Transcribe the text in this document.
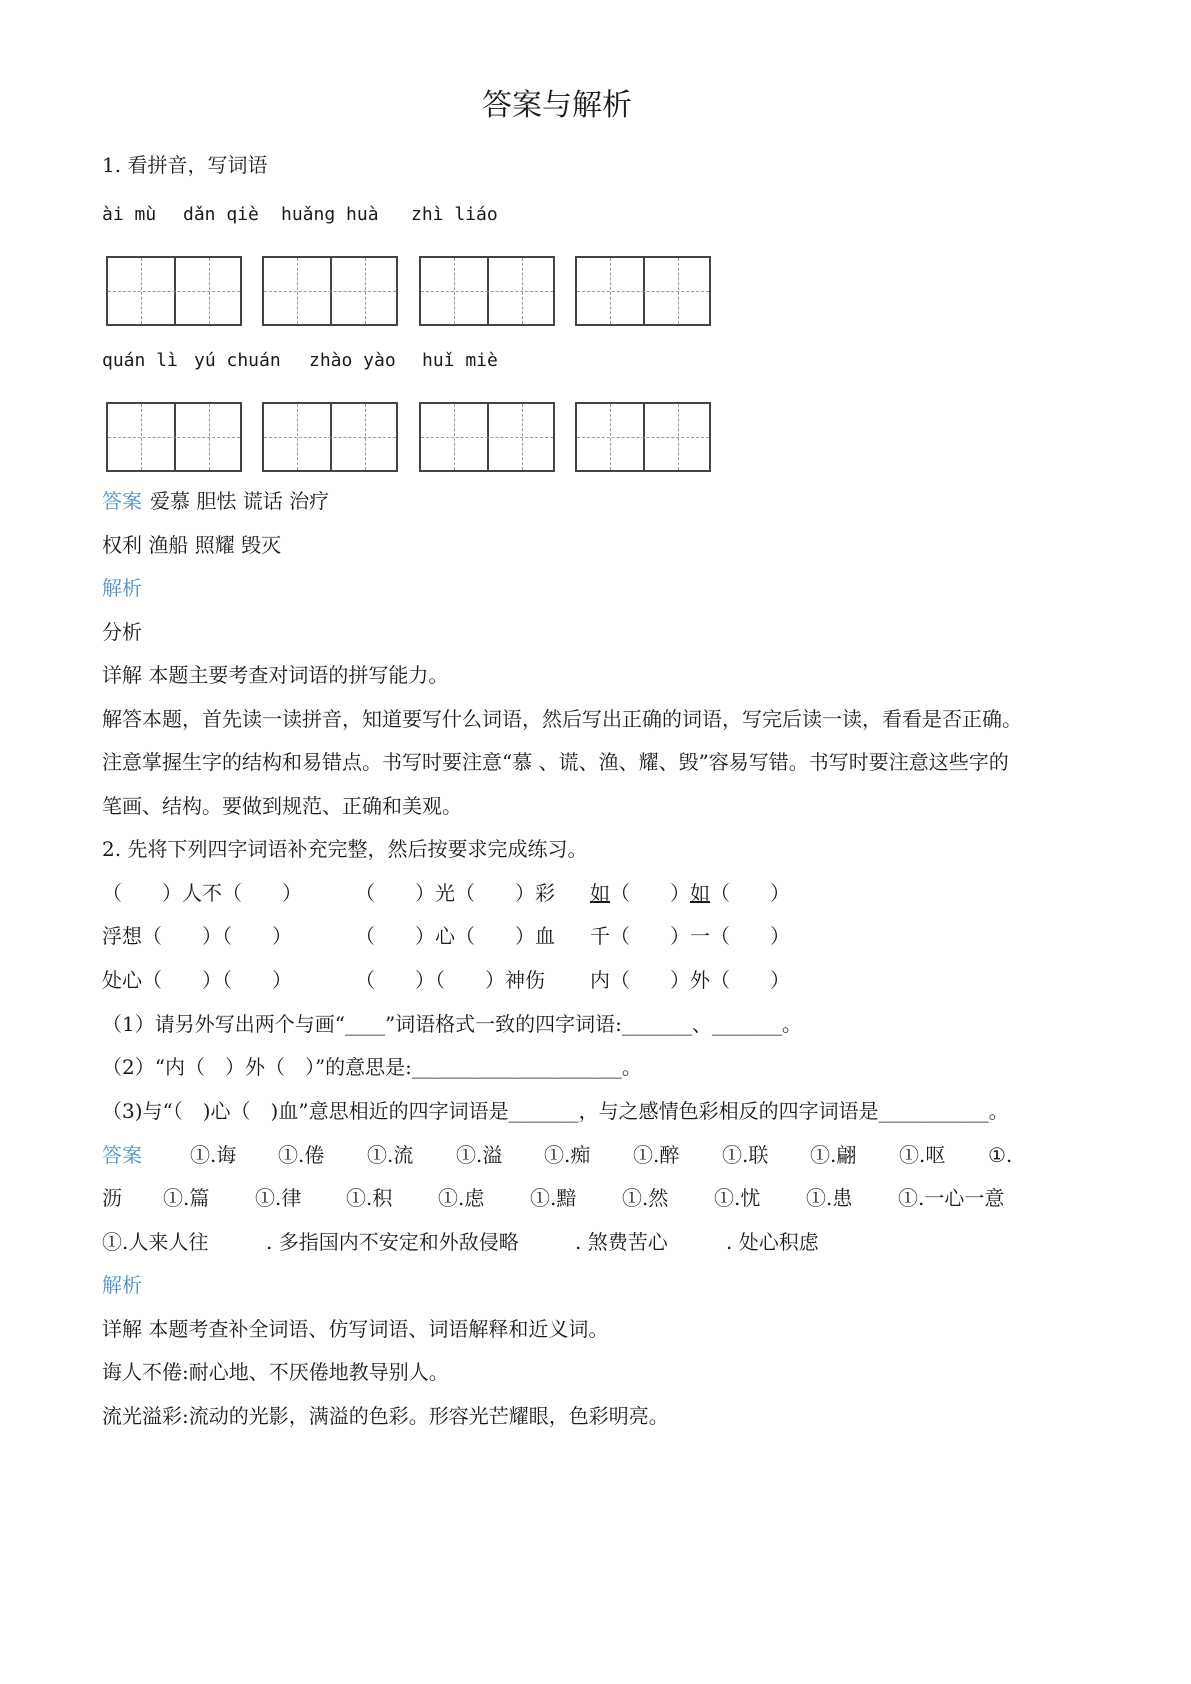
答案与解析
1. 看拼音，写词语
ài mù dǎn qiè huǎng huà zhì liáo
quán lì yú chuán zhào yào huǐ miè
答案 爱慕 胆怯 谎话 治疗
权利 渔船 照耀 毁灭
解析
分析
详解 本题主要考查对词语的拼写能力。
解答本题，首先读一读拼音，知道要写什么词语，然后写出正确的词语，写完后读一读，看看是否正确。
注意掌握生字的结构和易错点。书写时要注意“慕 、谎、渔、耀、毁”容易写错。书写时要注意这些字的
笔画、结构。要做到规范、正确和美观。
2. 先将下列四字词语补充完整，然后按要求完成练习。
（　　）人不（　　）	（　　）光（　　）彩 如（　　）如（　　）
浮想（　　）（　　）	（　　）心（　　）血 千（　　）一（　　）
处心（　　）（　　）	（　　）（　　）神伤 内（　　）外（　　）
（1）请另外写出两个与画“____”词语格式一致的四字词语:_______、_______。
（2）“内（　）外（　）”的意思是:_____________________。
（3)与“（　)心（　)血”意思相近的四字词语是_______，与之感情色彩相反的四字词语是___________。
答案 ①.诲 ①.倦 ①.流 ①.溢 ①.痴 ①.醉 ①.联 ①.翩 ①.呕 ①.
沥 ①.篇 ①.律 ①.积 ①.虑 ①.黯 ①.然 ①.忧 ①.患 ①.一心一意
①.人来人往	. 多指国内不安定和外敌侵略	. 煞费苦心	. 处心积虑
解析
详解 本题考查补全词语、仿写词语、词语解释和近义词。
诲人不倦:耐心地、不厌倦地教导别人。
流光溢彩:流动的光影，满溢的色彩。形容光芒耀眼，色彩明亮。
